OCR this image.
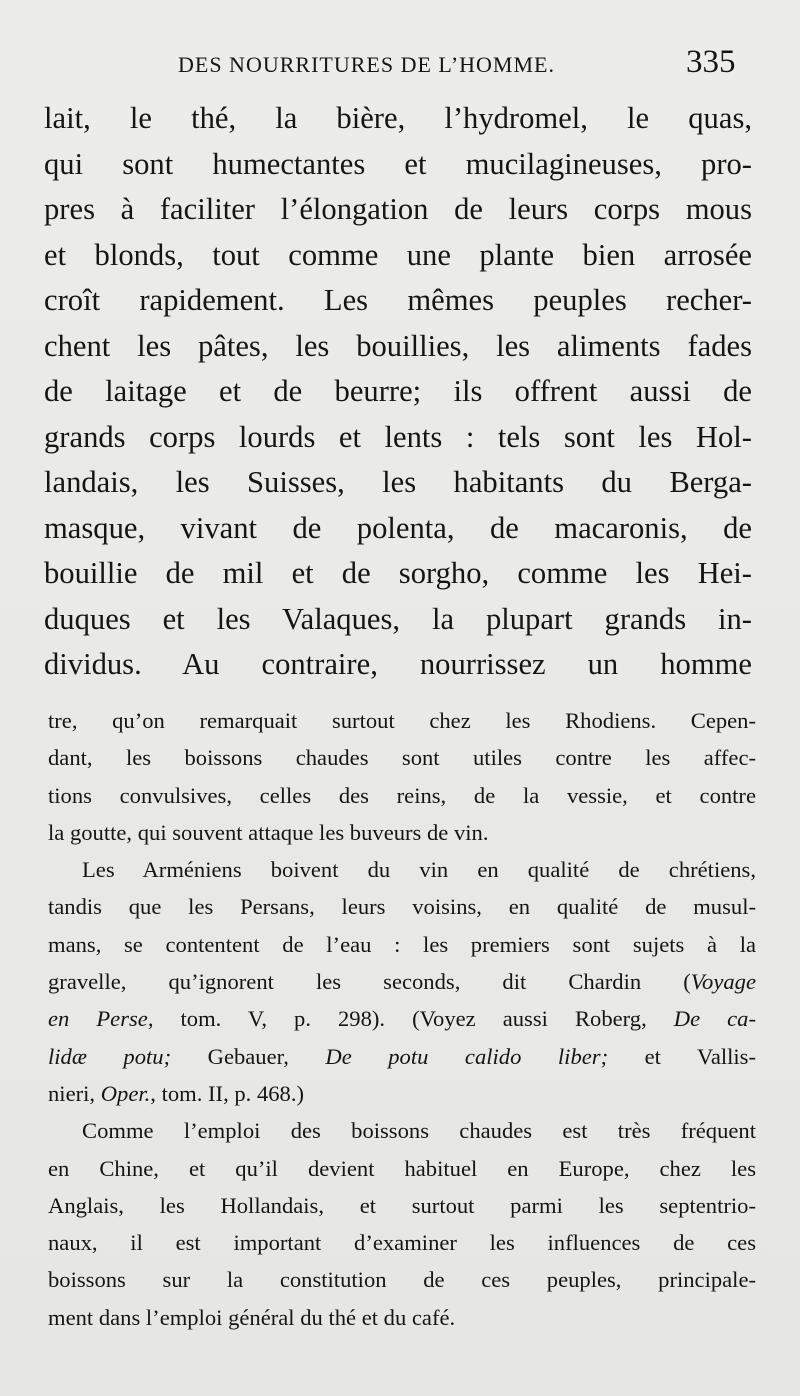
DES NOURRITURES DE L’HOMME.	335
lait, le thé, la bière, l’hydromel, le quas,
qui sont humectantes et mucilagineuses, pro-
pres à faciliter l’élongation de leurs corps mous
et blonds, tout comme une plante bien arrosée
croît rapidement. Les mêmes peuples recher-
chent les pâtes, les bouillies, les aliments fades
de laitage et de beurre; ils offrent aussi de
grands corps lourds et lents : tels sont les Hol-
landais, les Suisses, les habitants du Berga-
masque, vivant de polenta, de macaronis, de
bouillie de mil et de sorgho, comme les Hei-
duques et les Valaques, la plupart grands in-
dividus. Au contraire, nourrissez un homme
tre, qu’on remarquait surtout chez les Rhodiens. Cepen-
dant, les boissons chaudes sont utiles contre les affec-
tions convulsives, celles des reins, de la vessie, et contre
la goutte, qui souvent attaque les buveurs de vin.
Les Arméniens boivent du vin en qualité de chrétiens,
tandis que les Persans, leurs voisins, en qualité de musul-
mans, se contentent de l’eau : les premiers sont sujets à la
gravelle, qu’ignorent les seconds, dit Chardin (Voyage
en Perse, tom. V, p. 298). (Voyez aussi Roberg, De ca-
lidæ potu; Gebauer, De potu calido liber; et Vallis-
nieri, Oper., tom. II, p. 468.)
Comme l’emploi des boissons chaudes est très fréquent
en Chine, et qu’il devient habituel en Europe, chez les
Anglais, les Hollandais, et surtout parmi les septentrio-
naux, il est important d’examiner les influences de ces
boissons sur la constitution de ces peuples, principale-
ment dans l’emploi général du thé et du café.
